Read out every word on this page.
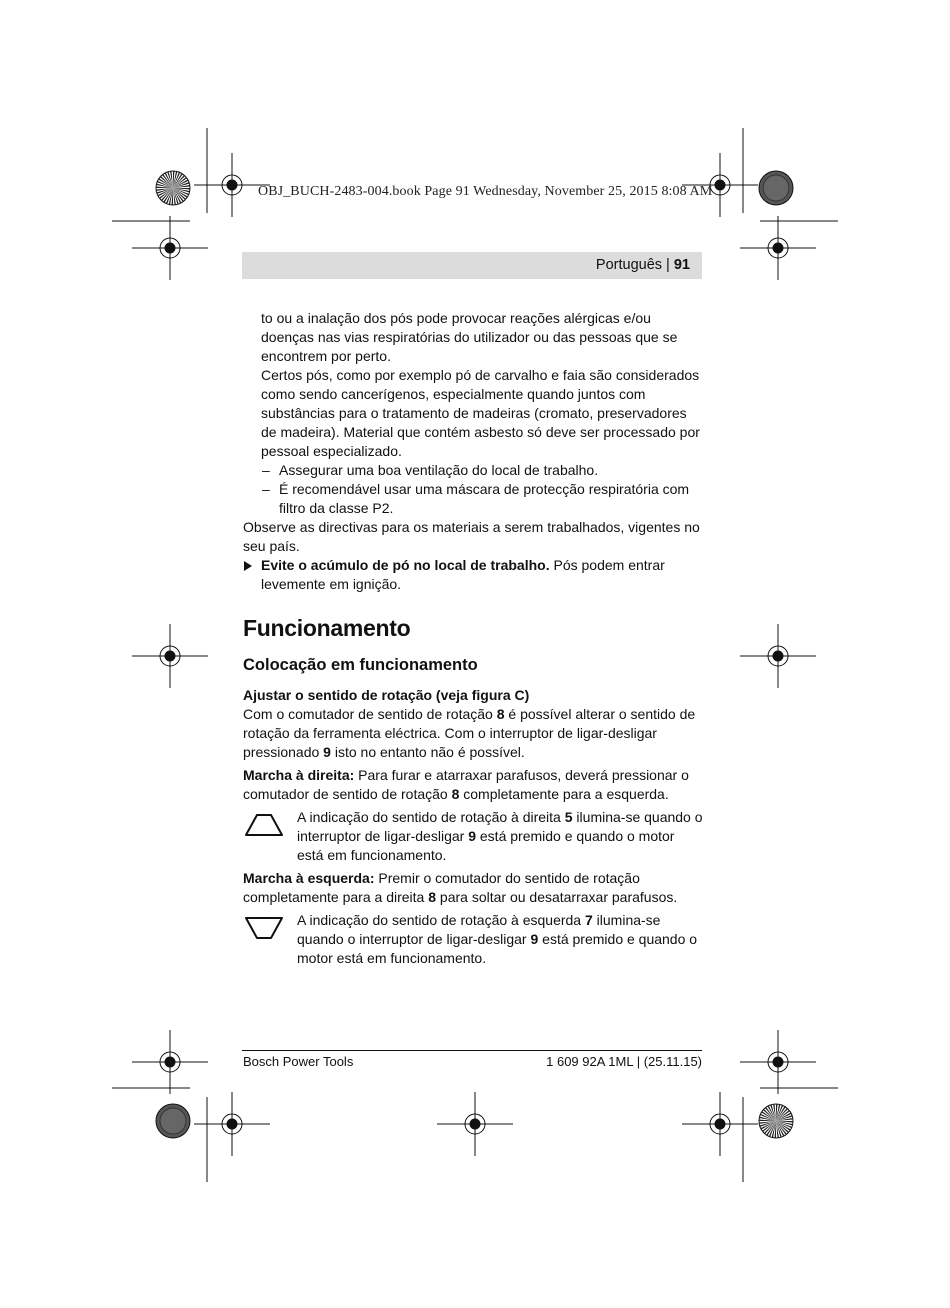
OBJ_BUCH-2483-004.book Page 91 Wednesday, November 25, 2015 8:08 AM
Português | 91

to ou a inalação dos pós pode provocar reações alérgicas e/ou doenças nas vias respiratórias do utilizador ou das pessoas que se encontrem por perto.

Certos pós, como por exemplo pó de carvalho e faia são considerados como sendo cancerígenos, especialmente quando juntos com substâncias para o tratamento de madeiras (cromato, preservadores de madeira). Material que contém asbesto só deve ser processado por pessoal especializado.

– Assegurar uma boa ventilação do local de trabalho.

– É recomendável usar uma máscara de protecção respiratória com filtro da classe P2.

Observe as directivas para os materiais a serem trabalhados, vigentes no seu país.

Evite o acúmulo de pó no local de trabalho. Pós podem entrar levemente em ignição.

Funcionamento
Colocação em funcionamento
Ajustar o sentido de rotação (veja figura C)

Com o comutador de sentido de rotação 8 é possível alterar o sentido de rotação da ferramenta eléctrica. Com o interruptor de ligar-desligar pressionado 9 isto no entanto não é possível.

Marcha à direita: Para furar e atarraxar parafusos, deverá pressionar o comutador de sentido de rotação 8 completamente para a esquerda.

A indicação do sentido de rotação à direita 5 ilumina-se quando o interruptor de ligar-desligar 9 está premido e quando o motor está em funcionamento.

Marcha à esquerda: Premir o comutador do sentido de rotação completamente para a direita 8 para soltar ou desatarraxar parafusos.

A indicação do sentido de rotação à esquerda 7 ilumina-se quando o interruptor de ligar-desligar 9 está premido e quando o motor está em funcionamento.
Bosch Power Tools	1 609 92A 1ML | (25.11.15)
